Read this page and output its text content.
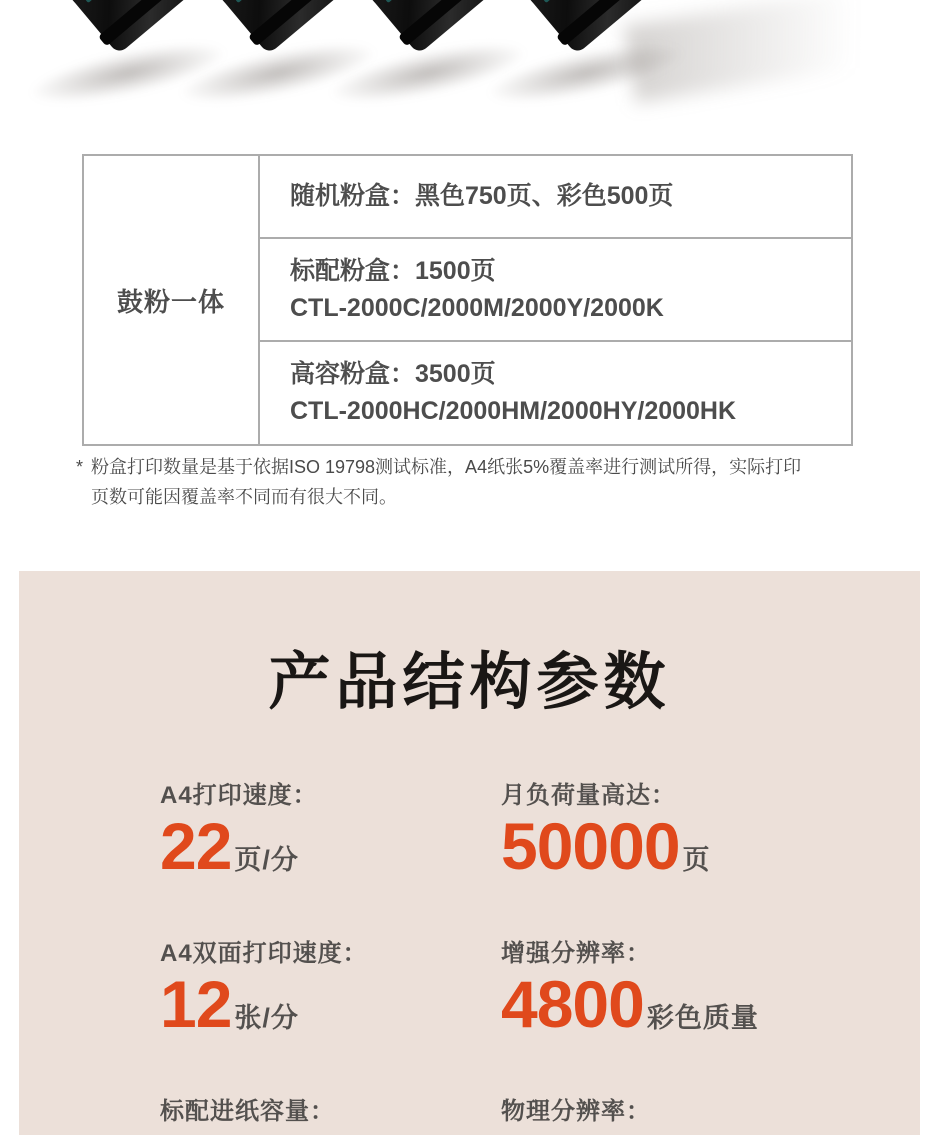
鼓粉一体
随机粉盒：黑色750页、彩色500页
标配粉盒：1500页
CTL-2000C/2000M/2000Y/2000K
高容粉盒：3500页
CTL-2000HC/2000HM/2000HY/2000HK
* 粉盒打印数量是基于依据ISO 19798测试标准，A4纸张5%覆盖率进行测试所得，实际打印
页数可能因覆盖率不同而有很大不同。
产品结构参数
A4打印速度：
22 页/分
月负荷量高达：
50000 页
A4双面打印速度：
12 张/分
增强分辨率：
4800 彩色质量
标配进纸容量：	物理分辨率：
